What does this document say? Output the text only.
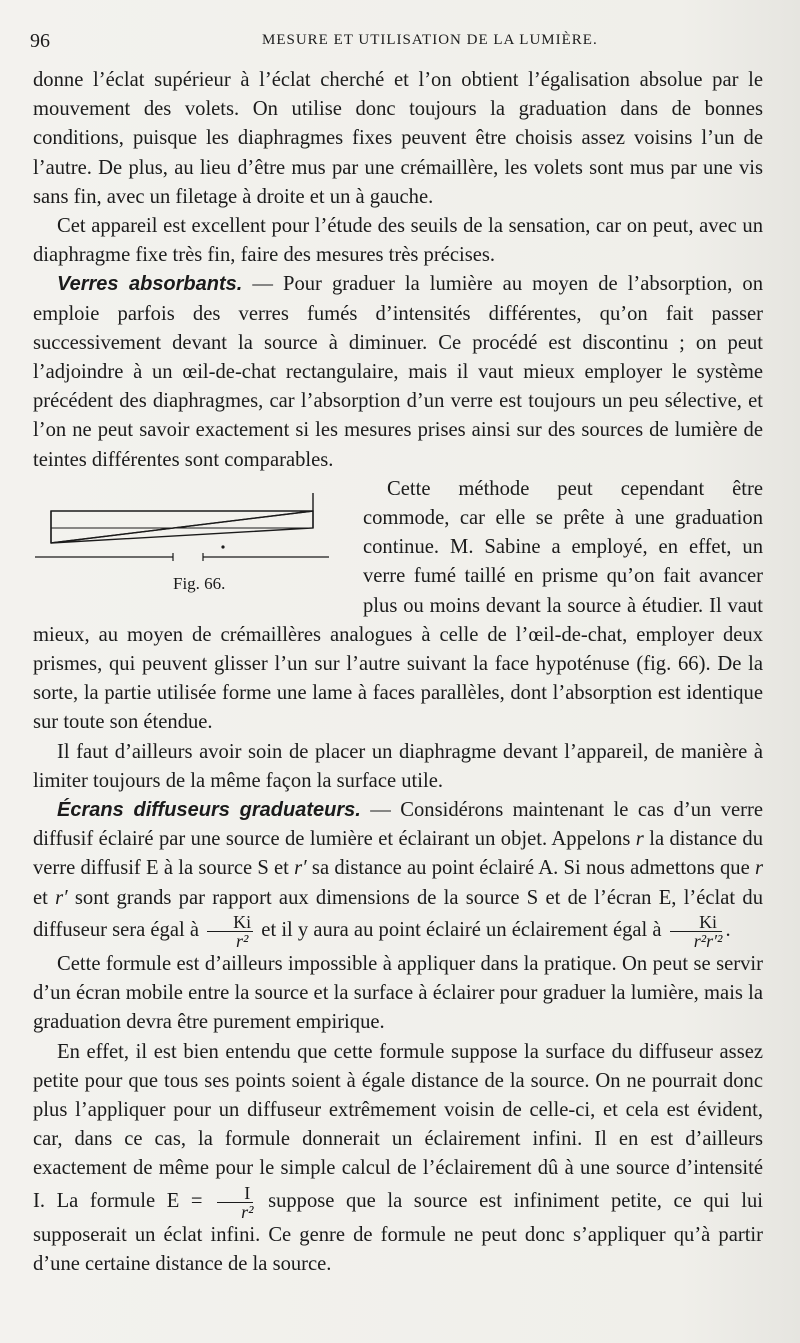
96	MESURE ET UTILISATION DE LA LUMIÈRE.

donne l’éclat supérieur à l’éclat cherché et l’on obtient l’égalisation absolue par le mouvement des volets. On utilise donc toujours la graduation dans de bonnes conditions, puisque les diaphragmes fixes peuvent être choisis assez voisins l’un de l’autre. De plus, au lieu d’être mus par une crémaillère, les volets sont mus par une vis sans fin, avec un filetage à droite et un à gauche.

Cet appareil est excellent pour l’étude des seuils de la sensation, car on peut, avec un diaphragme fixe très fin, faire des mesures très précises.

Verres absorbants. — Pour graduer la lumière au moyen de l’absorption, on emploie parfois des verres fumés d’intensités différentes, qu’on fait passer successivement devant la source à diminuer. Ce procédé est discontinu ; on peut l’adjoindre à un œil-de-chat rectangulaire, mais il vaut mieux employer le système précédent des diaphragmes, car l’absorption d’un verre est toujours un peu sélective, et l’on ne peut savoir exactement si les mesures prises ainsi sur des sources de lumière de teintes différentes sont comparables.

Fig. 66.
Cette méthode peut cependant être commode, car elle se prête à une graduation continue. M. Sabine a employé, en effet, un verre fumé taillé en prisme qu’on fait avancer plus ou moins devant la source à étudier. Il vaut mieux, au moyen de crémaillères analogues à celle de l’œil-de-chat, employer deux prismes, qui peuvent glisser l’un sur l’autre suivant la face hypoténuse (fig. 66). De la sorte, la partie utilisée forme une lame à faces parallèles, dont l’absorption est identique sur toute son étendue.

Il faut d’ailleurs avoir soin de placer un diaphragme devant l’appareil, de manière à limiter toujours de la même façon la surface utile.

Écrans diffuseurs graduateurs. — Considérons maintenant le cas d’un verre diffusif éclairé par une source de lumière et éclairant un objet. Appelons r la distance du verre diffusif E à la source S et r′ sa distance au point éclairé A. Si nous admettons que r et r′ sont grands par rapport aux dimensions de la source S et de l’écran E, l’éclat du diffuseur sera égal à $\frac{Ki}{\text{r²}}$ et il y aura au point éclairé un éclairement égal à $\frac{Ki}{\text{r²r′²}}$ .

Cette formule est d’ailleurs impossible à appliquer dans la pratique. On peut se servir d’un écran mobile entre la source et la surface à éclairer pour graduer la lumière, mais la graduation devra être purement empirique.

En effet, il est bien entendu que cette formule suppose la surface du diffuseur assez petite pour que tous ses points soient à égale distance de la source. On ne pourrait donc plus l’appliquer pour un diffuseur extrêmement voisin de celle-ci, et cela est évident, car, dans ce cas, la formule donnerait un éclairement infini. Il en est d’ailleurs exactement de même pour le simple calcul de l’éclairement dû à une source d’intensité I. La formule $E = \frac{I}{\text{r²}}$ suppose que la source est infiniment petite, ce qui lui supposerait un éclat infini. Ce genre de formule ne peut donc s’appliquer qu’à partir d’une certaine distance de la source.
